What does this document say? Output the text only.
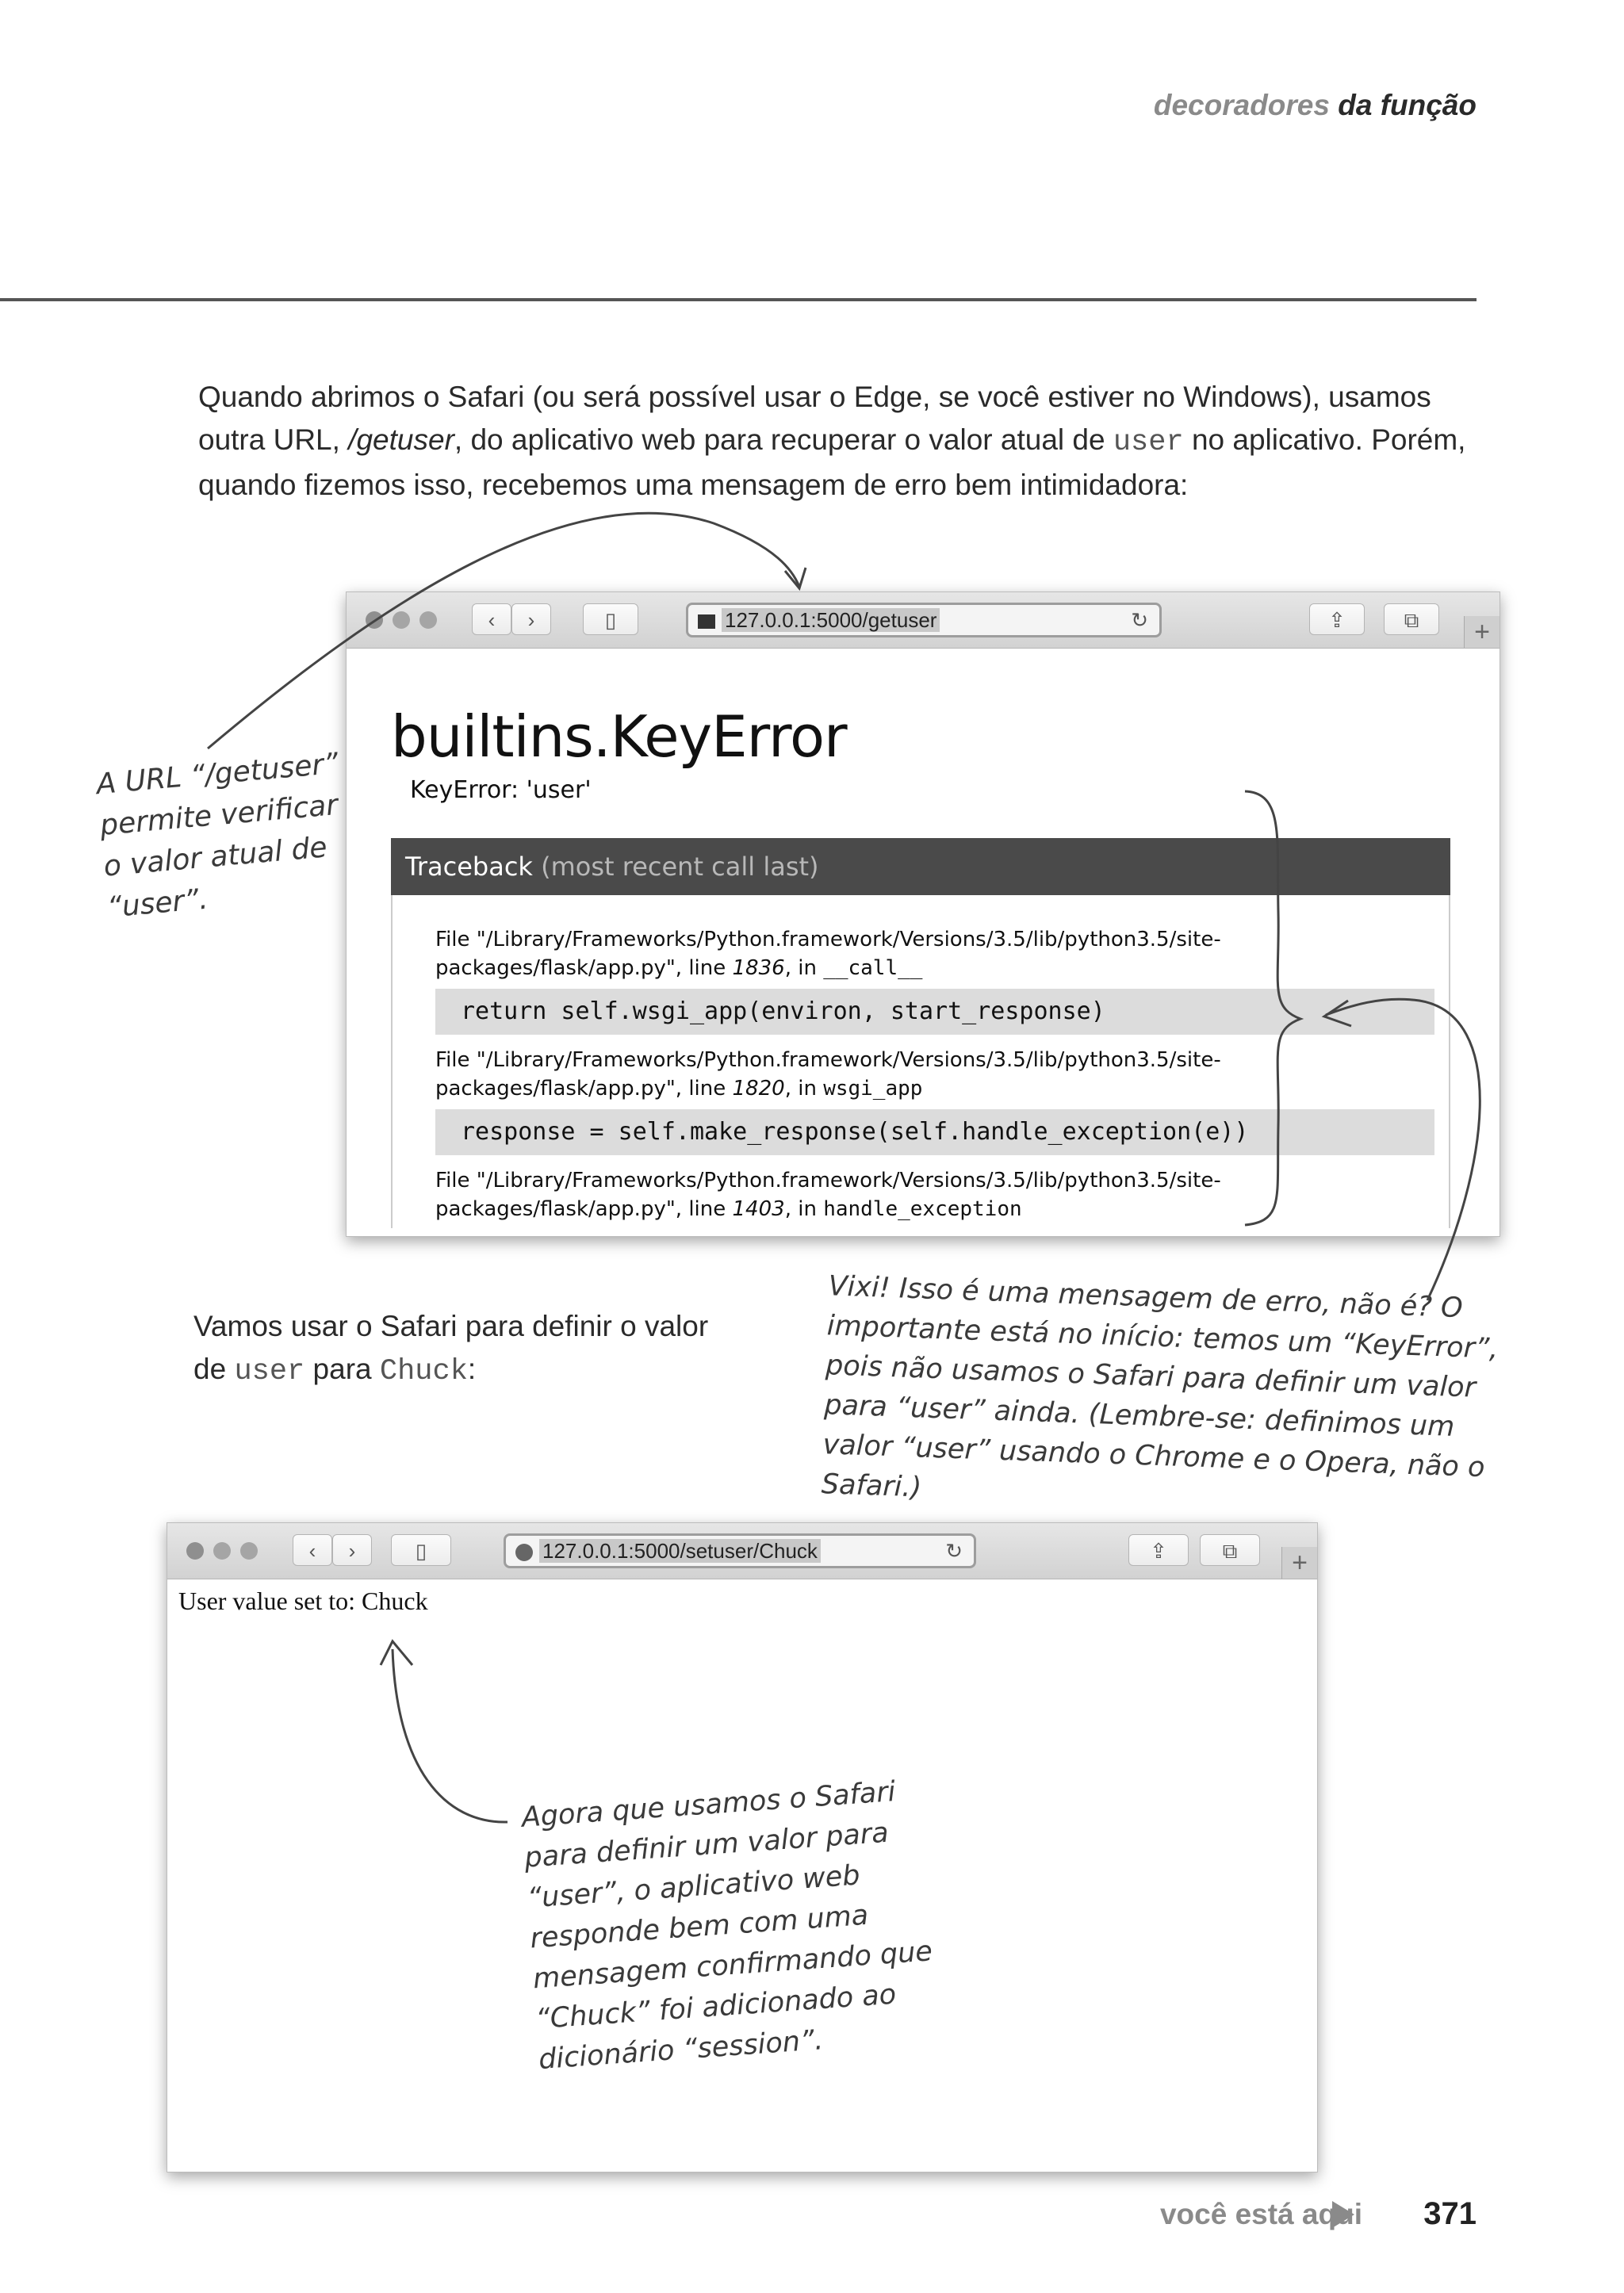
decoradores da função
Quando abrimos o Safari (ou será possível usar o Edge, se você estiver no Windows), usamos outra URL, /getuser, do aplicativo web para recuperar o valor atual de user no aplicativo. Porém, quando fizemos isso, recebemos uma mensagem de erro bem intimidadora:
‹	›	▯	127.0.0.1:5000/getuser	↻	⇪	⧉	+
builtins.KeyError
KeyError: 'user'
Traceback (most recent call last)
File "/Library/Frameworks/Python.framework/Versions/3.5/lib/python3.5/site-packages/flask/app.py", line 1836, in __call__
return self.wsgi_app(environ, start_response)
File "/Library/Frameworks/Python.framework/Versions/3.5/lib/python3.5/site-packages/flask/app.py", line 1820, in wsgi_app
response = self.make_response(self.handle_exception(e))
File "/Library/Frameworks/Python.framework/Versions/3.5/lib/python3.5/site-packages/flask/app.py", line 1403, in handle_exception
A URL “/getuser” permite verificar o valor atual de “user”.
Vamos usar o Safari para definir o valor de user para Chuck:
Vixi! Isso é uma mensagem de erro, não é? O importante está no início: temos um “KeyError”, pois não usamos o Safari para definir um valor para “user” ainda. (Lembre-se: definimos um valor “user” usando o Chrome e o Opera, não o Safari.)
‹	›	▯	127.0.0.1:5000/setuser/Chuck	↻	⇪	⧉	+
User value set to: Chuck
Agora que usamos o Safari para definir um valor para “user”, o aplicativo web responde bem com uma mensagem confirmando que “Chuck” foi adicionado ao dicionário “session”.
você está aqui 371
